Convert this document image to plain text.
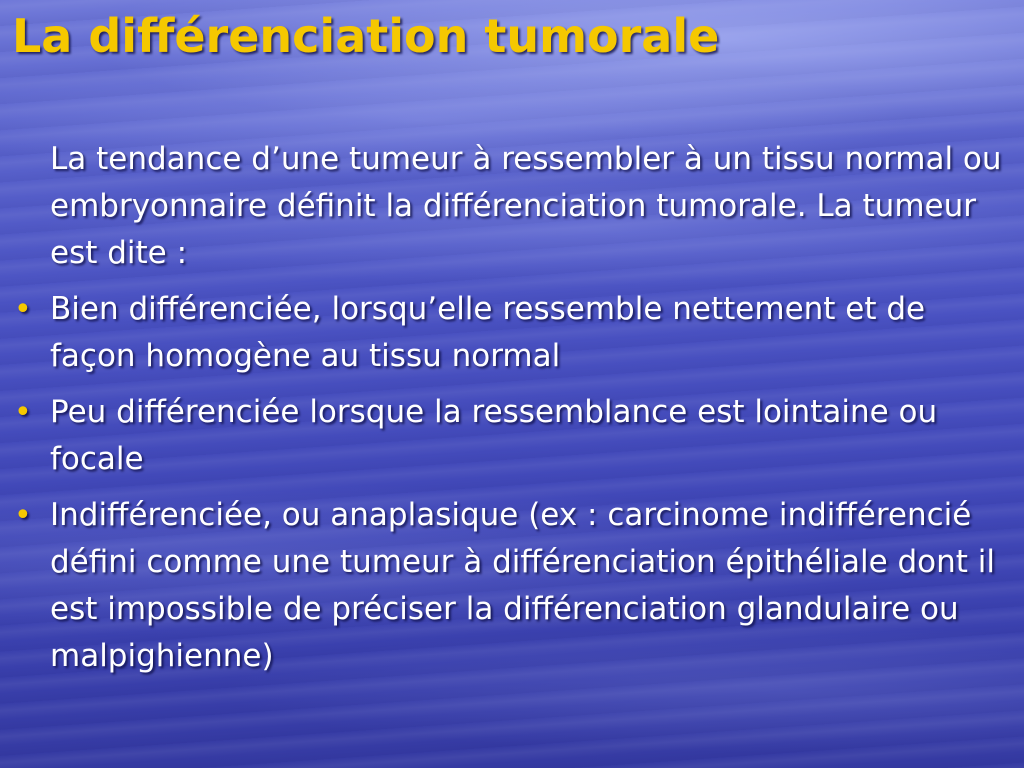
La différenciation tumorale

La tendance d’une tumeur à ressembler à un tissu normal ou embryonnaire définit la différenciation tumorale. La tumeur est dite :

• Bien différenciée, lorsqu’elle ressemble nettement et de façon homogène au tissu normal
• Peu différenciée lorsque la ressemblance est lointaine ou focale
• Indifférenciée, ou anaplasique (ex : carcinome indifférencié défini comme une tumeur à différenciation épithéliale dont il est impossible de préciser la différenciation glandulaire ou malpighienne)
